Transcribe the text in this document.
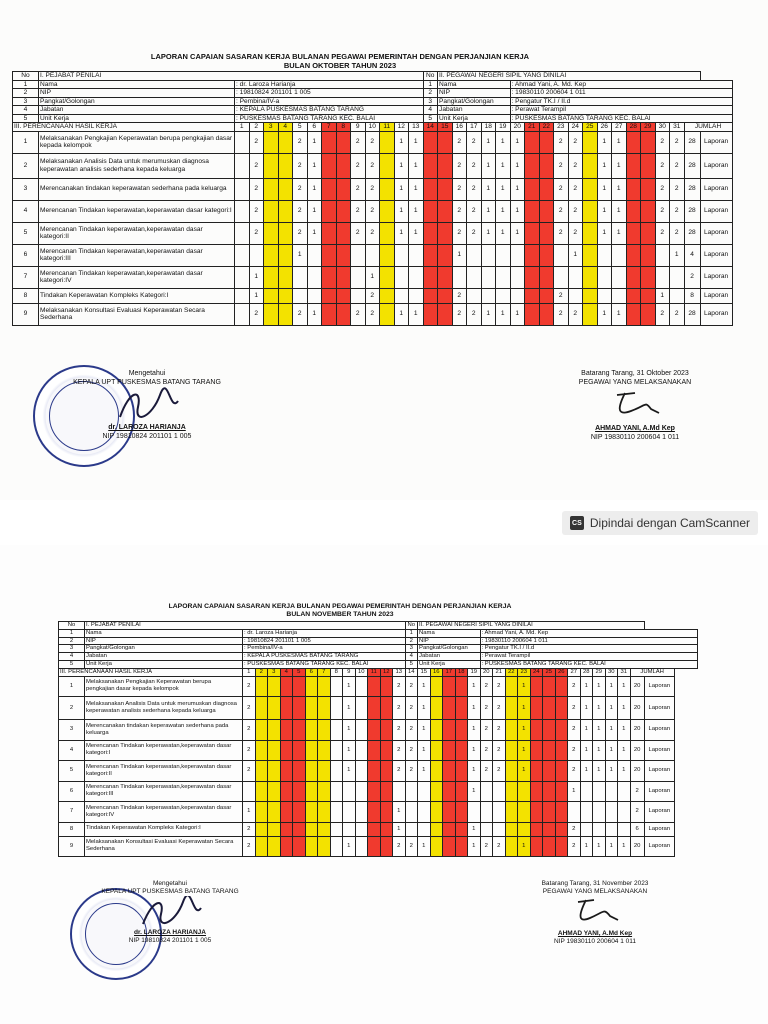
CS Dipindai dengan CamScanner
LAPORAN CAPAIAN SASARAN KERJA BULANAN PEGAWAI PEMERINTAH DENGAN PERJANJIAN KERJA
BULAN OKTOBER TAHUN 2023
No	I. PEJABAT PENILAI														No	II. PEGAWAI NEGERI SIPIL YANG DINILAI																		
1	Nama	: dr. Laroza Harianja													1	Nama					: Ahmad Yani, A. Md. Kep													
2	NIP	: 19810824 201101 1 005													2	NIP					: 19830110 200604 1 011													
3	Pangkat/Golongan	: Pembina/IV-a													3	Pangkat/Golongan					: Pengatur TK.I / II.d													
4	Jabatan	: KEPALA PUSKESMAS BATANG TARANG													4	Jabatan					: Perawat Terampil													
5	Unit Kerja	: PUSKESMAS BATANG TARANG KEC. BALAI													5	Unit Kerja					: PUSKESMAS BATANG TARANG KEC. BALAI													
III. PERENCANAAN HASIL KERJA		1	2	3	4	5	6	7	8	9	10	11	12	13	14	15	16	17	18	19	20	21	22	23	24	25	26	27	28	29	30	31	JUMLAH	
1	Melaksanakan Pengkajian Keperawatan berupa pengkajian dasar kepada kelompok		2			2	1			2	2		1	1			2	2	1	1	1			2	2		1	1			2	2	28	Laporan
2	Melaksanakan Analisis Data untuk merumuskan diagnosa keperawatan analisis sederhana kepada keluarga		2			2	1			2	2		1	1			2	2	1	1	1			2	2		1	1			2	2	28	Laporan
3	Merencanakan tindakan keperawatan sederhana pada keluarga		2			2	1			2	2		1	1			2	2	1	1	1			2	2		1	1			2	2	28	Laporan
4	Merencanan Tindakan keperawatan,keperawatan dasar kategori:I		2			2	1			2	2		1	1			2	2	1	1	1			2	2		1	1			2	2	28	Laporan
5	Merencanan Tindakan keperawatan,keperawatan dasar kategori:II		2			2	1			2	2		1	1			2	2	1	1	1			2	2		1	1			2	2	28	Laporan
6	Merencanan Tindakan keperawatan,keperawatan dasar kategori:III					1											1								1							1	4	Laporan
7	Merencanan Tindakan keperawatan,keperawatan dasar kategori:IV		1								1																						2	Laporan
8	Tindakan Keperawatan Kompleks Kategori:I		1								2						2							2							1		8	Laporan
9	Melaksanakan Konsultasi Evaluasi Keperawatan Secara Sederhana		2			2	1			2	2		1	1			2	2	1	1	1			2	2		1	1			2	2	28	Laporan
Mengetahui
KEPALA UPT PUSKESMAS BATANG TARANG
dr. LAROZA HARIANJA
NIP 19810824 201101 1 005
Batarang Tarang, 31 Oktober 2023
PEGAWAI YANG MELAKSANAKAN
AHMAD YANI, A.Md Kep
NIP 19830110 200604 1 011
LAPORAN CAPAIAN SASARAN KERJA BULANAN PEGAWAI PEMERINTAH DENGAN PERJANJIAN KERJA
BULAN NOVEMBER TAHUN 2023
No	I. PEJABAT PENILAI														No	II. PEGAWAI NEGERI SIPIL YANG DINILAI																		
1	Nama	: dr. Laroza Harianja													1	Nama					: Ahmad Yani, A. Md. Kep													
2	NIP	: 19810824 201101 1 005													2	NIP					: 19830110 200604 1 011													
3	Pangkat/Golongan	: Pembina/IV-a													3	Pangkat/Golongan					: Pengatur TK.I / II.d													
4	Jabatan	: KEPALA PUSKESMAS BATANG TARANG													4	Jabatan					: Perawat Terampil													
5	Unit Kerja	: PUSKESMAS BATANG TARANG KEC. BALAI													5	Unit Kerja					: PUSKESMAS BATANG TARANG KEC. BALAI													
III. PERENCANAAN HASIL KERJA		1	2	3	4	5	6	7	8	9	10	11	12	13	14	15	16	17	18	19	20	21	22	23	24	25	26	27	28	29	30	31	JUMLAH	
1	Melaksanakan Pengkajian Keperawatan berupa pengkajian dasar kepada kelompok	2								1				2	2	1				1	2	2		1				2	1	1	1	1	20	Laporan
2	Melaksanakan Analisis Data untuk merumuskan diagnosa keperawatan analisis sederhana kepada keluarga	2								1				2	2	1				1	2	2		1				2	1	1	1	1	20	Laporan
3	Merencanakan tindakan keperawatan sederhana pada keluarga	2								1				2	2	1				1	2	2		1				2	1	1	1	1	20	Laporan
4	Merencanan Tindakan keperawatan,keperawatan dasar kategori:I	2								1				2	2	1				1	2	2		1				2	1	1	1	1	20	Laporan
5	Merencanan Tindakan keperawatan,keperawatan dasar kategori:II	2								1				2	2	1				1	2	2		1				2	1	1	1	1	20	Laporan
6	Merencanan Tindakan keperawatan,keperawatan dasar kategori:III																			1								1					2	Laporan
7	Merencanan Tindakan keperawatan,keperawatan dasar kategori:IV	1												1																			2	Laporan
8	Tindakan Keperawatan Kompleks Kategori:I	2												1						1								2					6	Laporan
9	Melaksanakan Konsultasi Evaluasi Keperawatan Secara Sederhana	2								1				2	2	1				1	2	2		1				2	1	1	1	1	20	Laporan
Mengetahui
KEPALA UPT PUSKESMAS BATANG TARANG
dr. LAROZA HARIANJA
NIP 19810824 201101 1 005
Batarang Tarang, 31 November 2023
PEGAWAI YANG MELAKSANAKAN
AHMAD YANI, A.Md Kep
NIP 19830110 200604 1 011
